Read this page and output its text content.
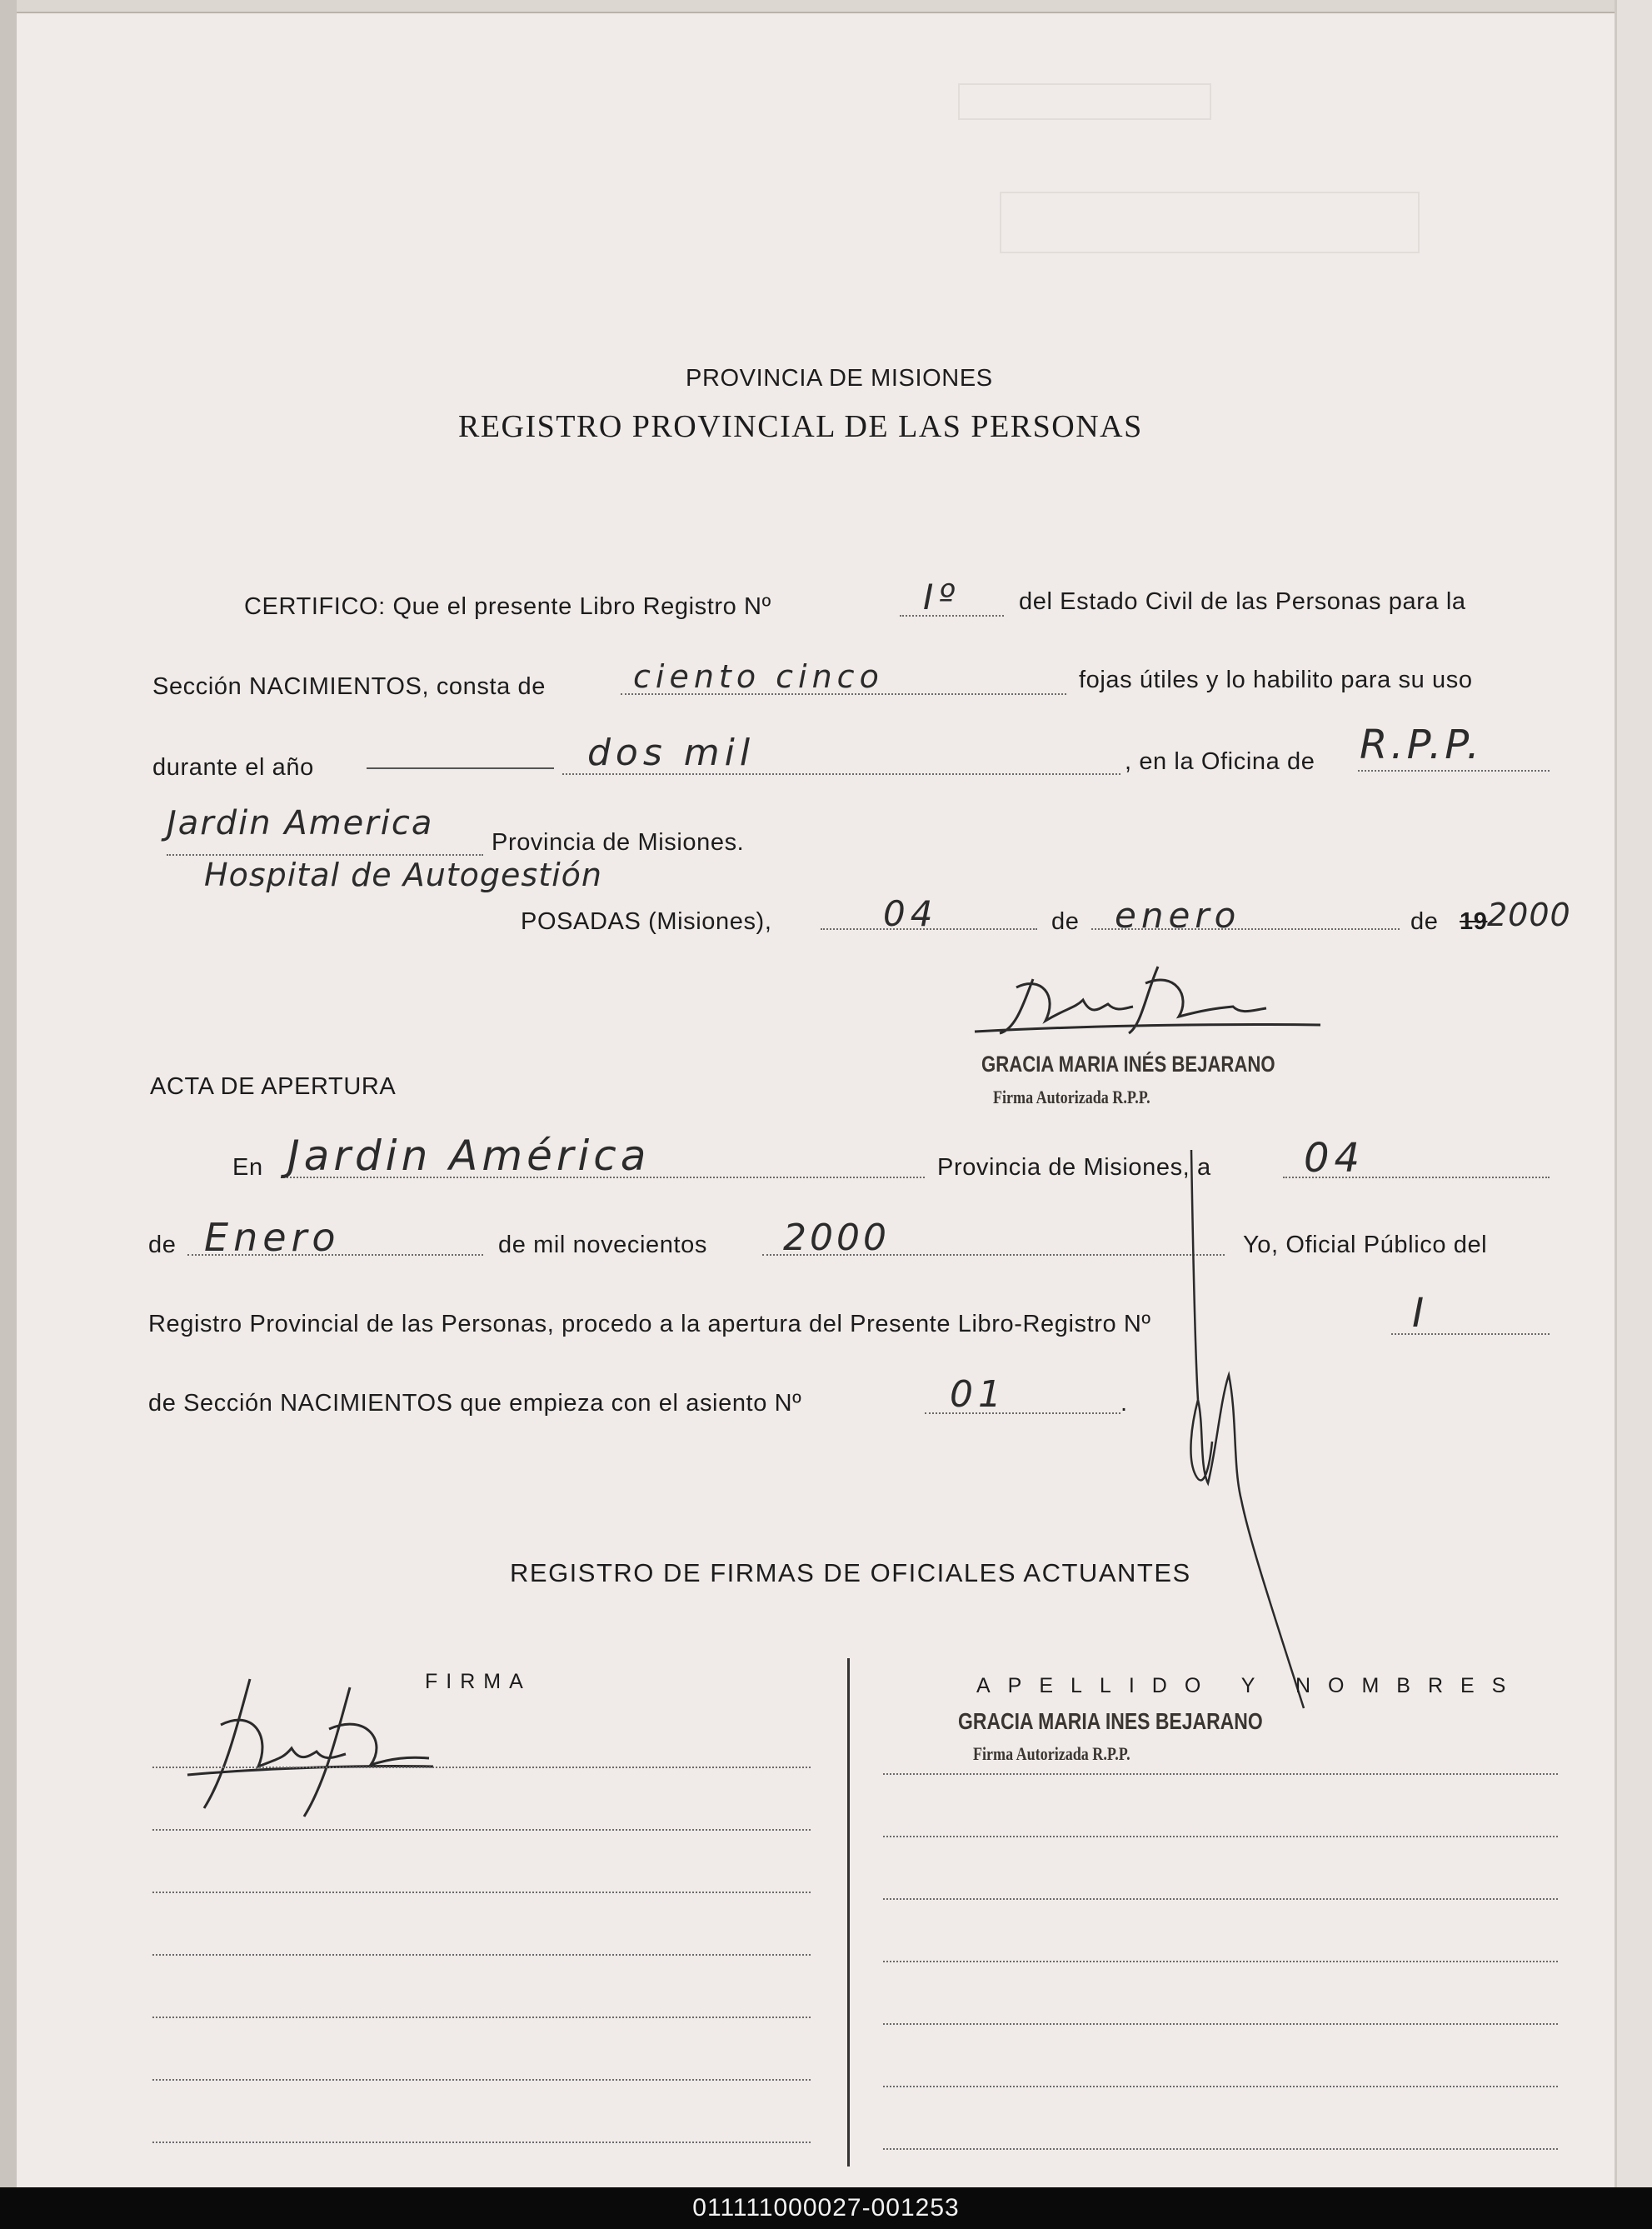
PROVINCIA DE MISIONES
REGISTRO PROVINCIAL DE LAS PERSONAS
CERTIFICO: Que el presente Libro Registro Nº	Iº del Estado Civil de las Personas para la
Sección NACIMIENTOS, consta de	ciento cinco	fojas útiles y lo habilito para su uso
durante el año	dos mil	, en la Oficina de R.P.P.
Jardin America Provincia de Misiones.
Hospital de Autogestión
POSADAS (Misiones),	04	de enero	de 19 2000
GRACIA MARIA INÉS BEJARANO
Firma Autorizada R.P.P.
ACTA DE APERTURA
En Jardin América	Provincia de Misiones, a 04
de Enero	de mil novecientos 2000	Yo, Oficial Público del
Registro Provincial de las Personas, procedo a la apertura del Presente Libro-Registro Nº	I
de Sección NACIMIENTOS que empieza con el asiento Nº	01	.
REGISTRO DE FIRMAS DE OFICIALES ACTUANTES
FIRMA	APELLIDO Y NOMBRES
GRACIA MARIA INES BEJARANO
Firma Autorizada R.P.P.
011111000027-001253
